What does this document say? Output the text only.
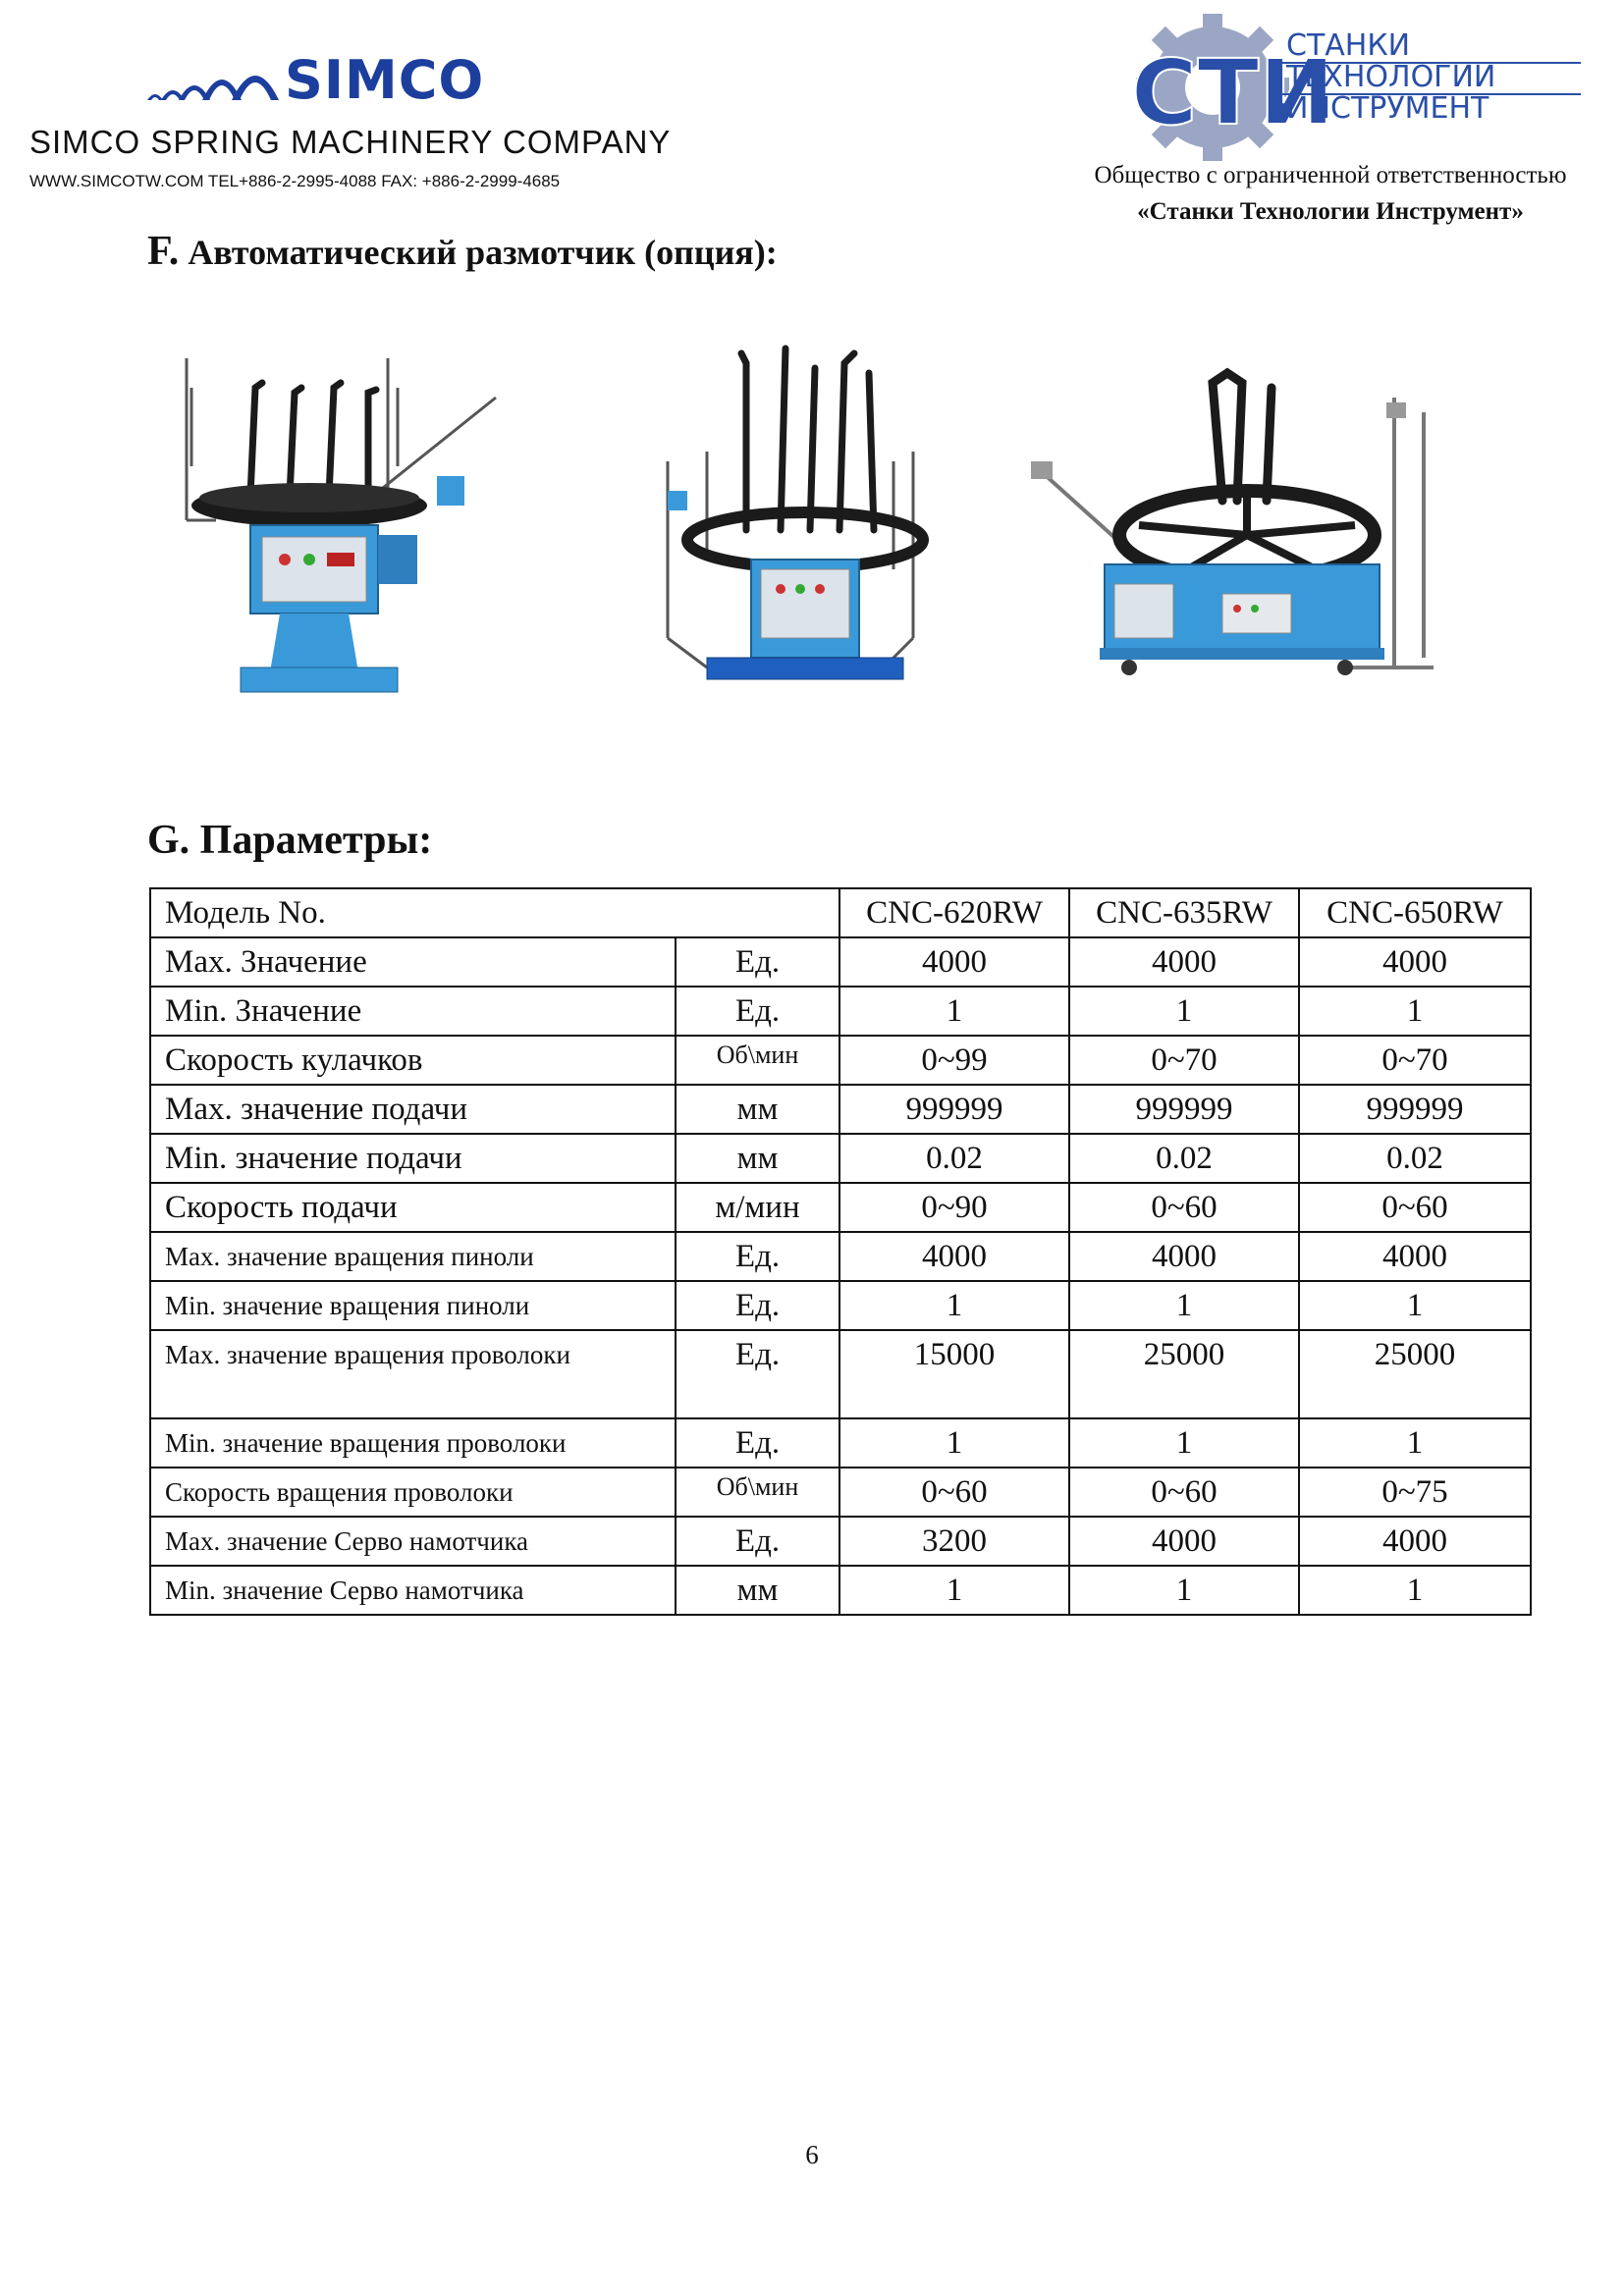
SIMCO
SIMCO SPRING MACHINERY COMPANY
WWW.SIMCOTW.COM TEL+886-2-2995-4088 FAX: +886-2-2999-4685
СТИ
СТАНКИ
ТЕХНОЛОГИИ
ИНСТРУМЕНТ
Общество с ограниченной ответственностью
«Станки Технологии Инструмент»
F. Автоматический размотчик (опция):
G. Параметры:
Модель No.		CNC-620RW	CNC-635RW	CNC-650RW
Max. Значение	Ед.	4000	4000	4000
Min. Значение	Ед.	1	1	1
Скорость кулачков	Об\мин	0~99	0~70	0~70
Max. значение подачи	мм	999999	999999	999999
Min. значение подачи	мм	0.02	0.02	0.02
Скорость подачи	м/мин	0~90	0~60	0~60
Max. значение вращения пиноли	Ед.	4000	4000	4000
Min. значение вращения пиноли	Ед.	1	1	1
Max. значение вращения проволоки	Ед.	15000	25000	25000
Min. значение вращения проволоки	Ед.	1	1	1
Скорость вращения проволоки	Об\мин	0~60	0~60	0~75
Max. значение Серво намотчика	Ед.	3200	4000	4000
Min. значение Серво намотчика	мм	1	1	1
6
